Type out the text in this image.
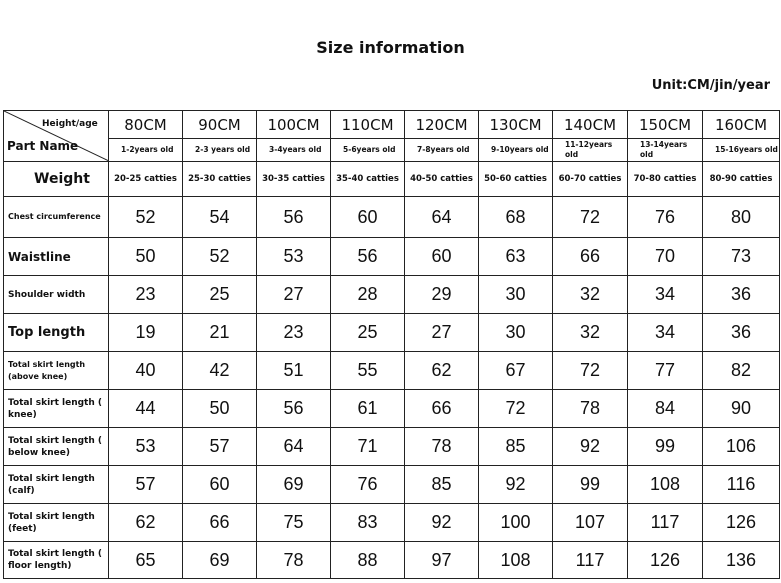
Size information
Unit:CM/jin/year
Height/age
Part Name	80CM	90CM	100CM	110CM	120CM	130CM	140CM	150CM	160CM
	1-2years old	2-3 years old	3-4years old	5-6years old	7-8years old	9-10years old	11-12years old	13-14years old	15-16years old
Weight	20-25 catties	25-30 catties	30-35 catties	35-40 catties	40-50 catties	50-60 catties	60-70 catties	70-80 catties	80-90 catties
Chest circumference	52	54	56	60	64	68	72	76	80
Waistline	50	52	53	56	60	63	66	70	73
Shoulder width	23	25	27	28	29	30	32	34	36
Top length	19	21	23	25	27	30	32	34	36
Total skirt length (above knee)	40	42	51	55	62	67	72	77	82
Total skirt length ( knee)	44	50	56	61	66	72	78	84	90
Total skirt length ( below knee)	53	57	64	71	78	85	92	99	106
Total skirt length (calf)	57	60	69	76	85	92	99	108	116
Total skirt length (feet)	62	66	75	83	92	100	107	117	126
Total skirt length ( floor length)	65	69	78	88	97	108	117	126	136
